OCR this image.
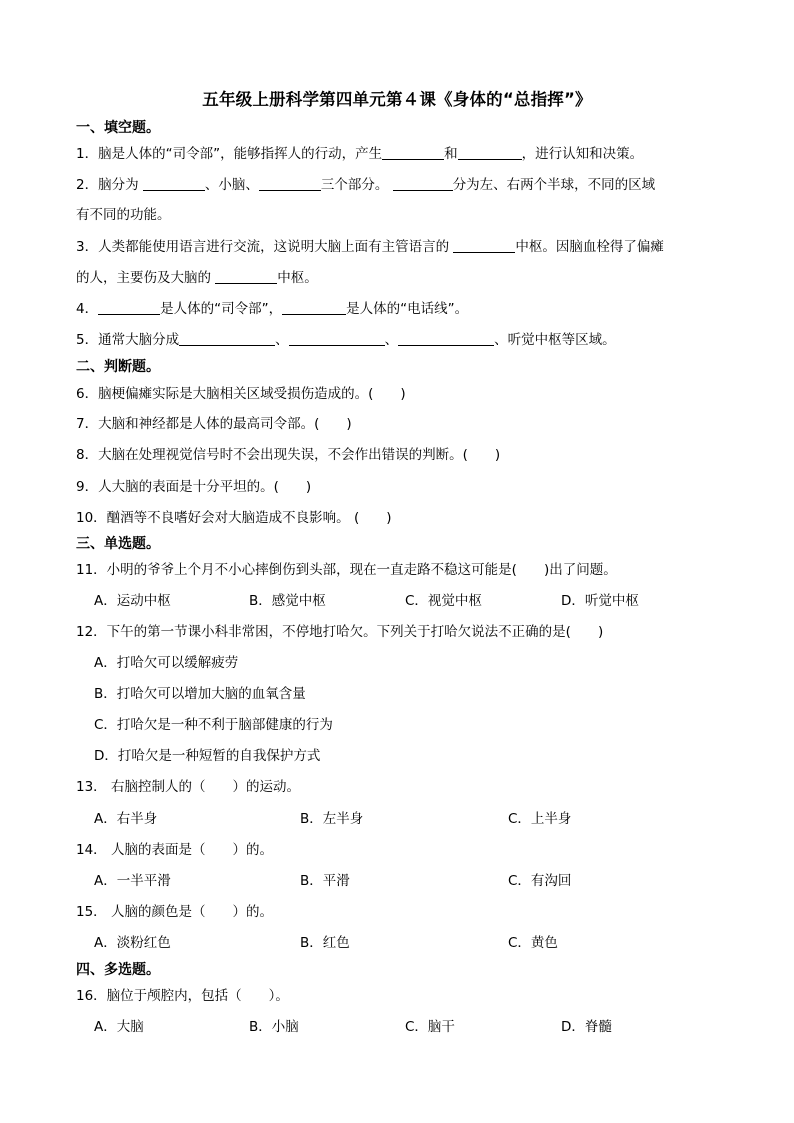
五年级上册科学第四单元第４课《身体的“总指挥”》
一、填空题。
1．脑是人体的“司令部”，能够指挥人的行动，产生	和	，进行认知和决策。
2．脑分为	、小脑、	三个部分。	分为左、右两个半球，不同的区域
有不同的功能。
3．人类都能使用语言进行交流，这说明大脑上面有主管语言的	中枢。因脑血栓得了偏瘫
的人，主要伤及大脑的	中枢。
4．	是人体的“司令部”，	是人体的“电话线”。
5．通常大脑分成	、	、	、听觉中枢等区域。
二、判断题。
6．脑梗偏瘫实际是大脑相关区域受损伤造成的。(　　)
7．大脑和神经都是人体的最高司令部。(　　)
8．大脑在处理视觉信号时不会出现失误，不会作出错误的判断。(　　)
9．人大脑的表面是十分平坦的。(　　)
10．酗酒等不良嗜好会对大脑造成不良影响。 (　　)
三、单选题。
11．小明的爷爷上个月不小心摔倒伤到头部，现在一直走路不稳这可能是(　　)出了问题。
A．运动中枢	B．感觉中枢	C．视觉中枢	D．听觉中枢
12．下午的第一节课小科非常困，不停地打哈欠。下列关于打哈欠说法不正确的是(　　)
A．打哈欠可以缓解疲劳
B．打哈欠可以增加大脑的血氧含量
C．打哈欠是一种不利于脑部健康的行为
D．打哈欠是一种短暂的自我保护方式
13． 右脑控制人的（　　）的运动。
A．右半身	B．左半身	C．上半身
14． 人脑的表面是（　　）的。
A．一半平滑	B．平滑	C．有沟回
15． 人脑的颜色是（　　）的。
A．淡粉红色	B．红色	C．黄色
四、多选题。
16．脑位于颅腔内，包括（　　）。
A．大脑	B．小脑	C．脑干	D．脊髓
